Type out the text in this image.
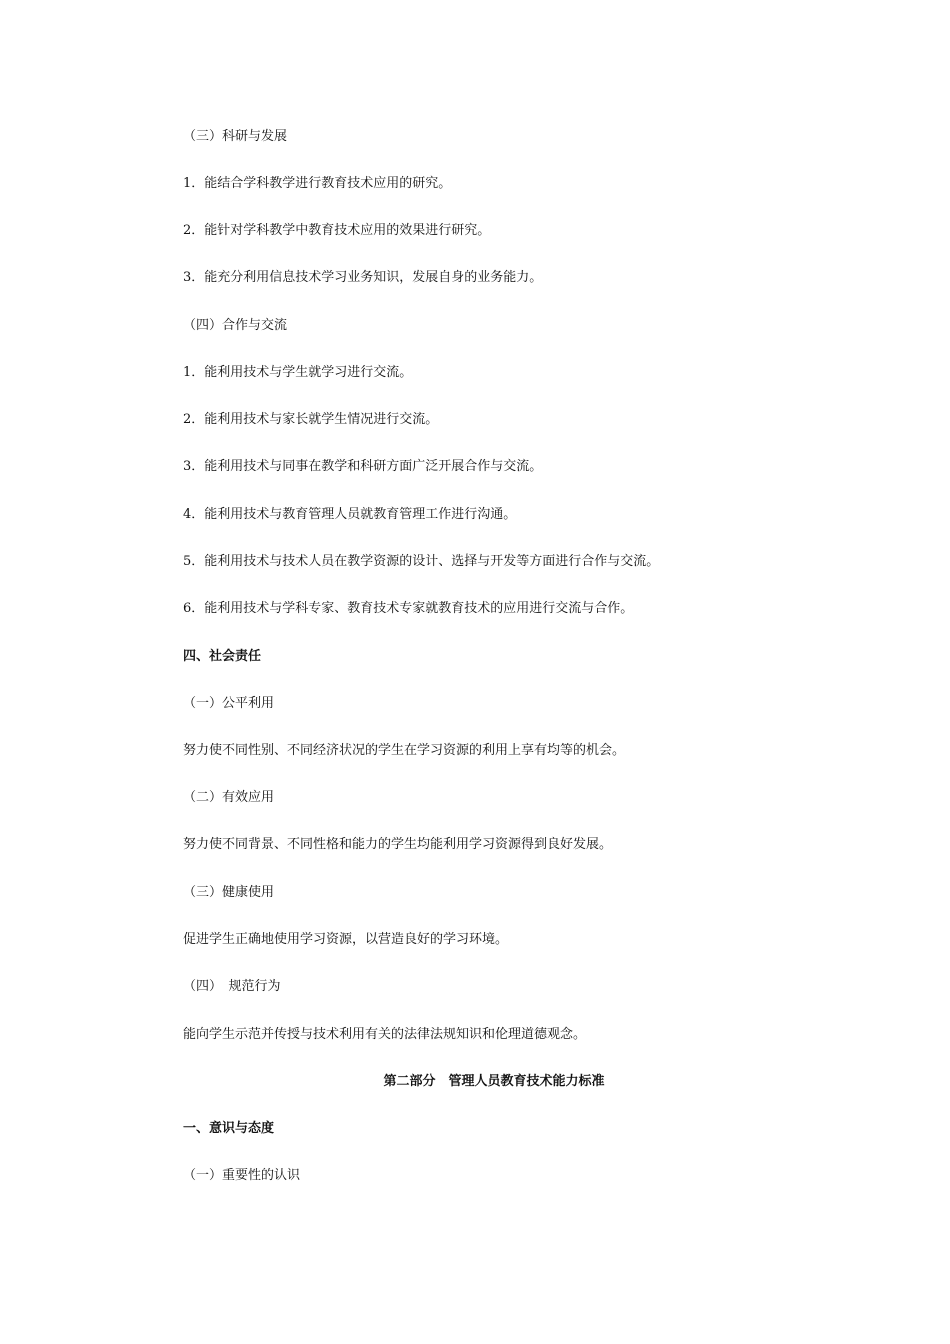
（三）科研与发展
1．能结合学科教学进行教育技术应用的研究。
2．能针对学科教学中教育技术应用的效果进行研究。
3．能充分利用信息技术学习业务知识，发展自身的业务能力。
（四）合作与交流
1．能利用技术与学生就学习进行交流。
2．能利用技术与家长就学生情况进行交流。
3．能利用技术与同事在教学和科研方面广泛开展合作与交流。
4．能利用技术与教育管理人员就教育管理工作进行沟通。
5．能利用技术与技术人员在教学资源的设计、选择与开发等方面进行合作与交流。
6．能利用技术与学科专家、教育技术专家就教育技术的应用进行交流与合作。
四、社会责任
（一）公平利用
努力使不同性别、不同经济状况的学生在学习资源的利用上享有均等的机会。
（二）有效应用
努力使不同背景、不同性格和能力的学生均能利用学习资源得到良好发展。
（三）健康使用
促进学生正确地使用学习资源，以营造良好的学习环境。
（四）　规范行为
能向学生示范并传授与技术利用有关的法律法规知识和伦理道德观念。
第二部分　管理人员教育技术能力标准
一、意识与态度
（一）重要性的认识
